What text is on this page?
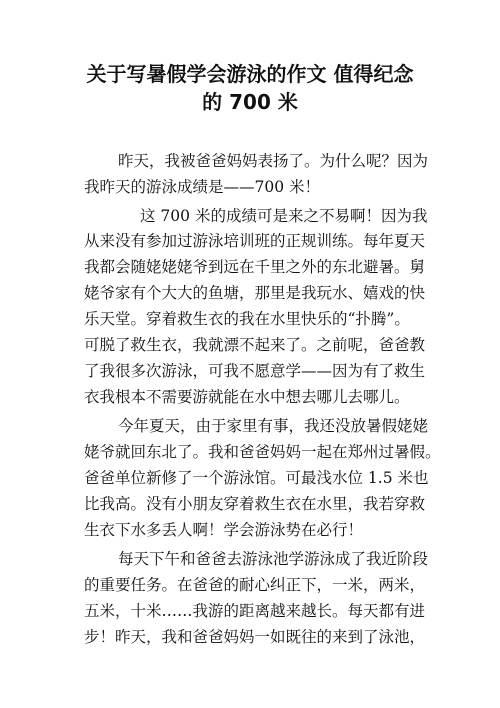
关于写暑假学会游泳的作文 值得纪念
的 700 米

昨天，我被爸爸妈妈表扬了。为什么呢？因为

我昨天的游泳成绩是——700 米！

这 700 米的成绩可是来之不易啊！因为我

从来没有参加过游泳培训班的正规训练。每年夏天

我都会随姥姥姥爷到远在千里之外的东北避暑。舅

姥爷家有个大大的鱼塘，那里是我玩水、嬉戏的快

乐天堂。穿着救生衣的我在水里快乐的“扑腾”。

可脱了救生衣，我就漂不起来了。之前呢，爸爸教

了我很多次游泳，可我不愿意学——因为有了救生

衣我根本不需要游就能在水中想去哪儿去哪儿。

今年夏天，由于家里有事，我还没放暑假姥姥

姥爷就回东北了。我和爸爸妈妈一起在郑州过暑假。

爸爸单位新修了一个游泳馆。可最浅水位 1.5 米也

比我高。没有小朋友穿着救生衣在水里，我若穿救

生衣下水多丢人啊！学会游泳势在必行！

每天下午和爸爸去游泳池学游泳成了我近阶段

的重要任务。在爸爸的耐心纠正下，一米，两米，

五米，十米……我游的距离越来越长。每天都有进

步！昨天，我和爸爸妈妈一如既往的来到了泳池，
